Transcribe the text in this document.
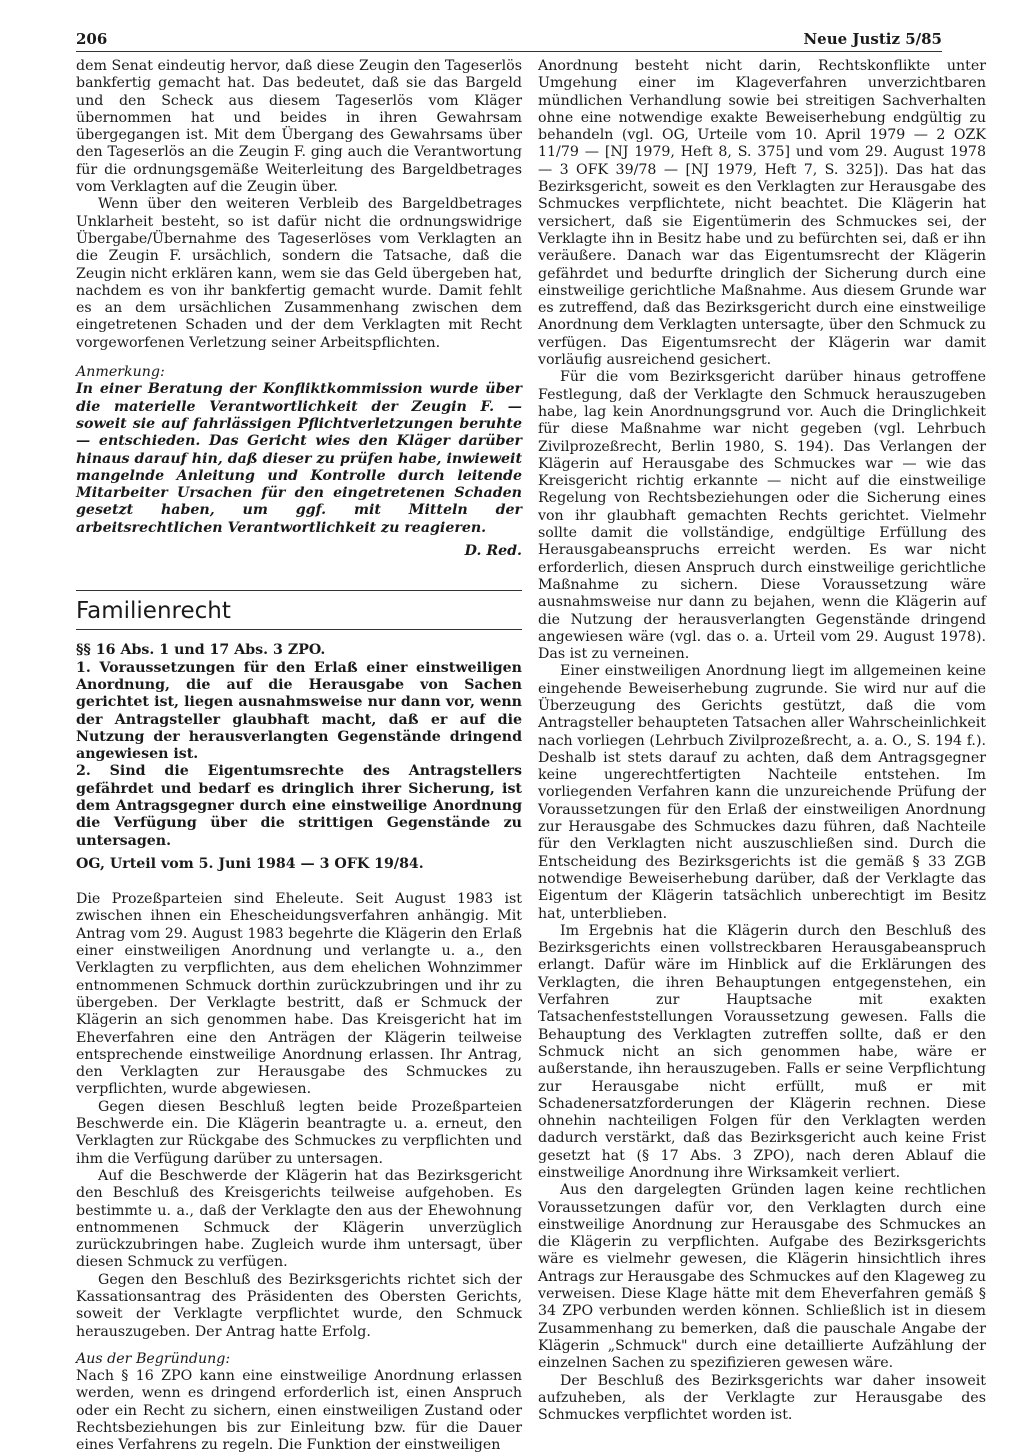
206	Neue Justiz 5/85

dem Senat eindeutig hervor, daß diese Zeugin den Tageserlös bankfertig gemacht hat. Das bedeutet, daß sie das Bargeld und den Scheck aus diesem Tageserlös vom Kläger übernommen hat und beides in ihren Gewahrsam übergegangen ist. Mit dem Übergang des Gewahrsams über den Tageserlös an die Zeugin F. ging auch die Verantwortung für die ordnungsgemäße Weiterleitung des Bargeldbetrages vom Verklagten auf die Zeugin über.

Wenn über den weiteren Verbleib des Bargeldbetrages Unklarheit besteht, so ist dafür nicht die ordnungswidrige Übergabe/Übernahme des Tageserlöses vom Verklagten an die Zeugin F. ursächlich, sondern die Tatsache, daß die Zeugin nicht erklären kann, wem sie das Geld übergeben hat, nachdem es von ihr bankfertig gemacht wurde. Damit fehlt es an dem ursächlichen Zusammenhang zwischen dem eingetretenen Schaden und der dem Verklagten mit Recht vorgeworfenen Verletzung seiner Arbeitspflichten.

Anmerkung:

In einer Beratung der Konfliktkommission wurde über die materielle Verantwortlichkeit der Zeugin F. — soweit sie auf fahrlässigen Pflichtverletzungen beruhte — entschieden. Das Gericht wies den Kläger darüber hinaus darauf hin, daß dieser zu prüfen habe, inwieweit mangelnde Anleitung und Kontrolle durch leitende Mitarbeiter Ursachen für den eingetretenen Schaden gesetzt haben, um ggf. mit Mitteln der arbeitsrechtlichen Verantwortlichkeit zu reagieren.

D. Red.

Familienrecht

§§ 16 Abs. 1 und 17 Abs. 3 ZPO.

1. Voraussetzungen für den Erlaß einer einstweiligen Anordnung, die auf die Herausgabe von Sachen gerichtet ist, liegen ausnahmsweise nur dann vor, wenn der Antragsteller glaubhaft macht, daß er auf die Nutzung der herausverlangten Gegenstände dringend angewiesen ist.

2. Sind die Eigentumsrechte des Antragstellers gefährdet und bedarf es dringlich ihrer Sicherung, ist dem Antragsgegner durch eine einstweilige Anordnung die Verfügung über die strittigen Gegenstände zu untersagen.

OG, Urteil vom 5. Juni 1984 — 3 OFK 19/84.

Die Prozeßparteien sind Eheleute. Seit August 1983 ist zwischen ihnen ein Ehescheidungsverfahren anhängig. Mit Antrag vom 29. August 1983 begehrte die Klägerin den Erlaß einer einstweiligen Anordnung und verlangte u. a., den Verklagten zu verpflichten, aus dem ehelichen Wohnzimmer entnommenen Schmuck dorthin zurückzubringen und ihr zu übergeben. Der Verklagte bestritt, daß er Schmuck der Klägerin an sich genommen habe. Das Kreisgericht hat im Eheverfahren eine den Anträgen der Klägerin teilweise entsprechende einstweilige Anordnung erlassen. Ihr Antrag, den Verklagten zur Herausgabe des Schmuckes zu verpflichten, wurde abgewiesen.

Gegen diesen Beschluß legten beide Prozeßparteien Beschwerde ein. Die Klägerin beantragte u. a. erneut, den Verklagten zur Rückgabe des Schmuckes zu verpflichten und ihm die Verfügung darüber zu untersagen.

Auf die Beschwerde der Klägerin hat das Bezirksgericht den Beschluß des Kreisgerichts teilweise aufgehoben. Es bestimmte u. a., daß der Verklagte den aus der Ehewohnung entnommenen Schmuck der Klägerin unverzüglich zurückzubringen habe. Zugleich wurde ihm untersagt, über diesen Schmuck zu verfügen.

Gegen den Beschluß des Bezirksgerichts richtet sich der Kassationsantrag des Präsidenten des Obersten Gerichts, soweit der Verklagte verpflichtet wurde, den Schmuck herauszugeben. Der Antrag hatte Erfolg.

Aus der Begründung:

Nach § 16 ZPO kann eine einstweilige Anordnung erlassen werden, wenn es dringend erforderlich ist, einen Anspruch oder ein Recht zu sichern, einen einstweiligen Zustand oder Rechtsbeziehungen bis zur Einleitung bzw. für die Dauer eines Verfahrens zu regeln. Die Funktion der einstweiligen

Anordnung besteht nicht darin, Rechtskonflikte unter Umgehung einer im Klageverfahren unverzichtbaren mündlichen Verhandlung sowie bei streitigen Sachverhalten ohne eine notwendige exakte Beweiserhebung endgültig zu behandeln (vgl. OG, Urteile vom 10. April 1979 — 2 OZK 11/79 — [NJ 1979, Heft 8, S. 375] und vom 29. August 1978 — 3 OFK 39/78 — [NJ 1979, Heft 7, S. 325]). Das hat das Bezirksgericht, soweit es den Verklagten zur Herausgabe des Schmuckes verpflichtete, nicht beachtet. Die Klägerin hat versichert, daß sie Eigentümerin des Schmuckes sei, der Verklagte ihn in Besitz habe und zu befürchten sei, daß er ihn veräußere. Danach war das Eigentumsrecht der Klägerin gefährdet und bedurfte dringlich der Sicherung durch eine einstweilige gerichtliche Maßnahme. Aus diesem Grunde war es zutreffend, daß das Bezirksgericht durch eine einstweilige Anordnung dem Verklagten untersagte, über den Schmuck zu verfügen. Das Eigentumsrecht der Klägerin war damit vorläufig ausreichend gesichert.

Für die vom Bezirksgericht darüber hinaus getroffene Festlegung, daß der Verklagte den Schmuck herauszugeben habe, lag kein Anordnungsgrund vor. Auch die Dringlichkeit für diese Maßnahme war nicht gegeben (vgl. Lehrbuch Zivilprozeßrecht, Berlin 1980, S. 194). Das Verlangen der Klägerin auf Herausgabe des Schmuckes war — wie das Kreisgericht richtig erkannte — nicht auf die einstweilige Regelung von Rechtsbeziehungen oder die Sicherung eines von ihr glaubhaft gemachten Rechts gerichtet. Vielmehr sollte damit die vollständige, endgültige Erfüllung des Herausgabeanspruchs erreicht werden. Es war nicht erforderlich, diesen Anspruch durch einstweilige gerichtliche Maßnahme zu sichern. Diese Voraussetzung wäre ausnahmsweise nur dann zu bejahen, wenn die Klägerin auf die Nutzung der herausverlangten Gegenstände dringend angewiesen wäre (vgl. das o. a. Urteil vom 29. August 1978). Das ist zu verneinen.

Einer einstweiligen Anordnung liegt im allgemeinen keine eingehende Beweiserhebung zugrunde. Sie wird nur auf die Überzeugung des Gerichts gestützt, daß die vom Antragsteller behaupteten Tatsachen aller Wahrscheinlichkeit nach vorliegen (Lehrbuch Zivilprozeßrecht, a. a. O., S. 194 f.). Deshalb ist stets darauf zu achten, daß dem Antragsgegner keine ungerechtfertigten Nachteile entstehen. Im vorliegenden Verfahren kann die unzureichende Prüfung der Voraussetzungen für den Erlaß der einstweiligen Anordnung zur Herausgabe des Schmuckes dazu führen, daß Nachteile für den Verklagten nicht auszuschließen sind. Durch die Entscheidung des Bezirksgerichts ist die gemäß § 33 ZGB notwendige Beweiserhebung darüber, daß der Verklagte das Eigentum der Klägerin tatsächlich unberechtigt im Besitz hat, unterblieben.

Im Ergebnis hat die Klägerin durch den Beschluß des Bezirksgerichts einen vollstreckbaren Herausgabeanspruch erlangt. Dafür wäre im Hinblick auf die Erklärungen des Verklagten, die ihren Behauptungen entgegenstehen, ein Verfahren zur Hauptsache mit exakten Tatsachenfeststellungen Voraussetzung gewesen. Falls die Behauptung des Verklagten zutreffen sollte, daß er den Schmuck nicht an sich genommen habe, wäre er außerstande, ihn herauszugeben. Falls er seine Verpflichtung zur Herausgabe nicht erfüllt, muß er mit Schadenersatzforderungen der Klägerin rechnen. Diese ohnehin nachteiligen Folgen für den Verklagten werden dadurch verstärkt, daß das Bezirksgericht auch keine Frist gesetzt hat (§ 17 Abs. 3 ZPO), nach deren Ablauf die einstweilige Anordnung ihre Wirksamkeit verliert.

Aus den dargelegten Gründen lagen keine rechtlichen Voraussetzungen dafür vor, den Verklagten durch eine einstweilige Anordnung zur Herausgabe des Schmuckes an die Klägerin zu verpflichten. Aufgabe des Bezirksgerichts wäre es vielmehr gewesen, die Klägerin hinsichtlich ihres Antrags zur Herausgabe des Schmuckes auf den Klageweg zu verweisen. Diese Klage hätte mit dem Eheverfahren gemäß § 34 ZPO verbunden werden können. Schließlich ist in diesem Zusammenhang zu bemerken, daß die pauschale Angabe der Klägerin „Schmuck" durch eine detaillierte Aufzählung der einzelnen Sachen zu spezifizieren gewesen wäre.

Der Beschluß des Bezirksgerichts war daher insoweit aufzuheben, als der Verklagte zur Herausgabe des Schmuckes verpflichtet worden ist.
